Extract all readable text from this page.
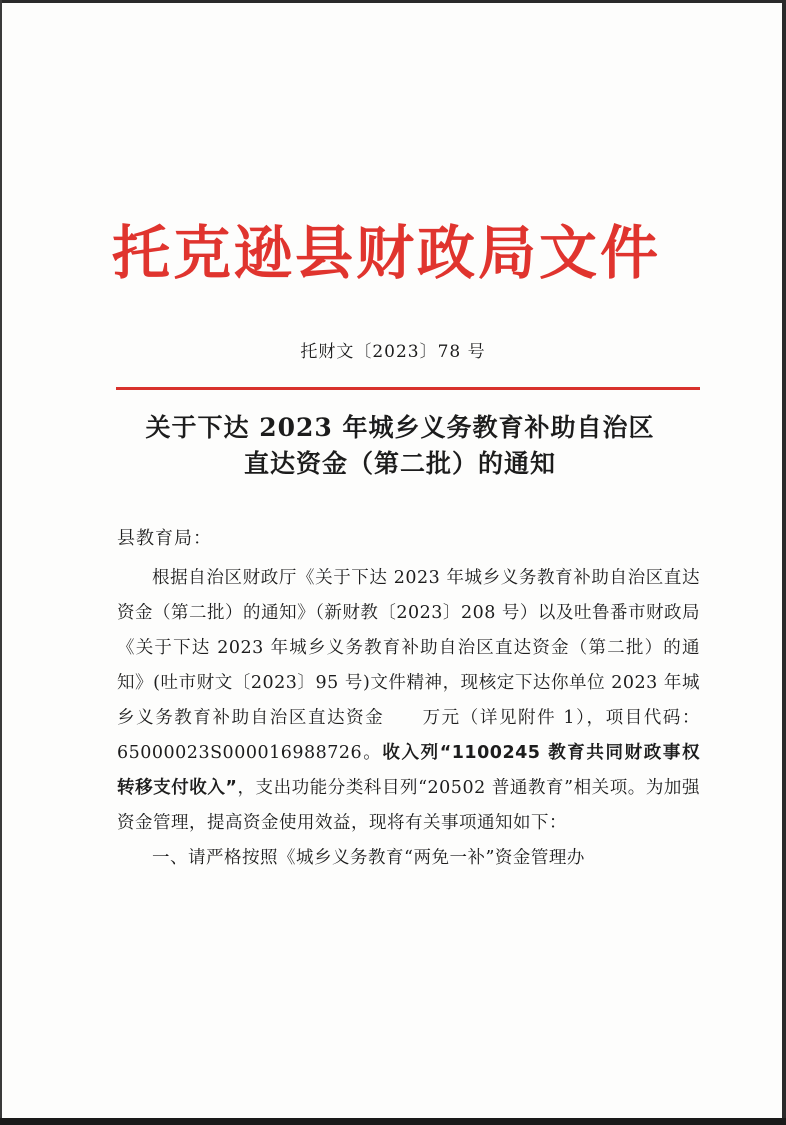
托克逊县财政局文件
托财文〔2023〕78 号
关于下达 2023 年城乡义务教育补助自治区
直达资金（第二批）的通知
县教育局：

根据自治区财政厅《关于下达 2023 年城乡义务教育补助自治区直达资金（第二批）的通知》（新财教〔2023〕208 号）以及吐鲁番市财政局《关于下达 2023 年城乡义务教育补助自治区直达资金（第二批）的通知》(吐市财文〔2023〕95 号)文件精神，现核定下达你单位 2023 年城乡义务教育补助自治区直达资金　　万元（详见附件 1），项目代码：65000023S000016988726。收入列“1100245 教育共同财政事权转移支付收入”，支出功能分类科目列“20502 普通教育”相关项。为加强资金管理，提高资金使用效益，现将有关事项通知如下：

一、请严格按照《城乡义务教育“两免一补”资金管理办
